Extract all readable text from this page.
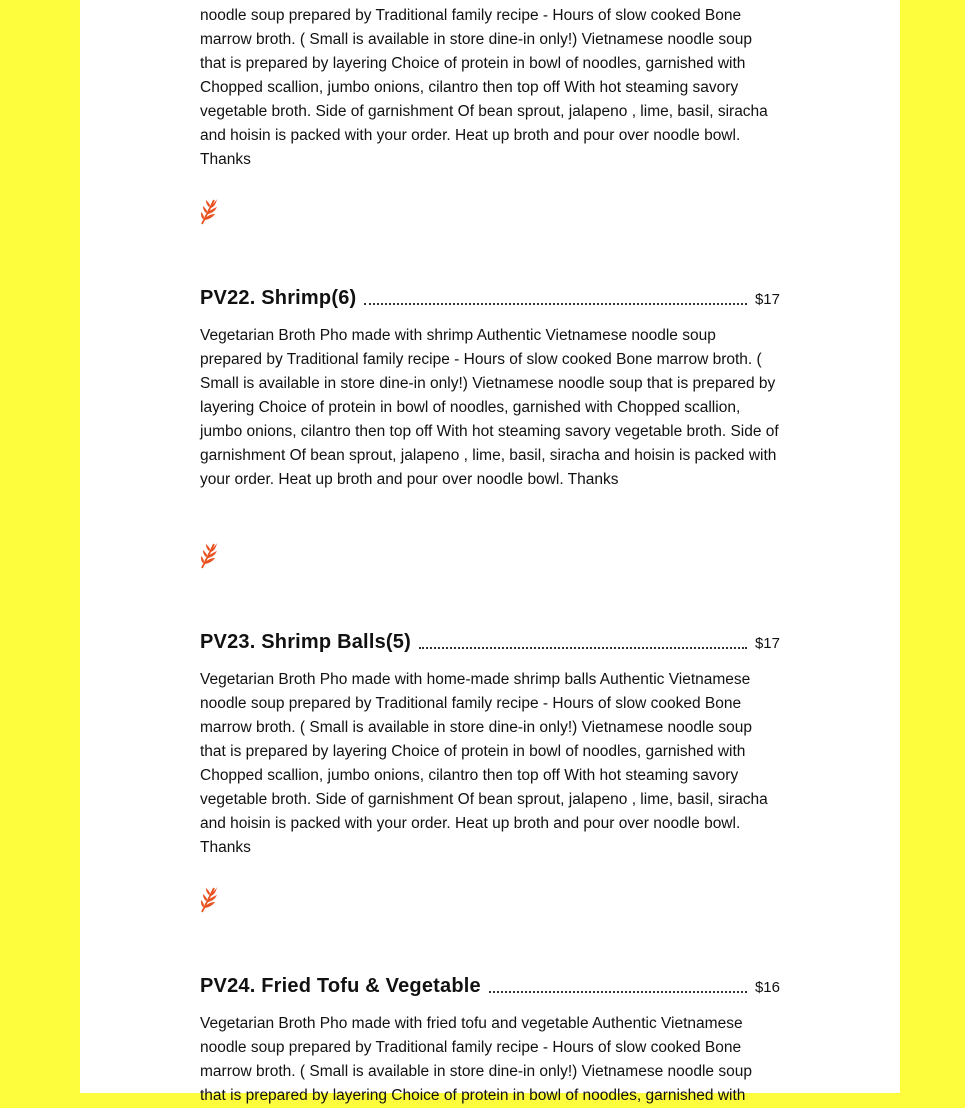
noodle soup prepared by Traditional family recipe - Hours of slow cooked Bone marrow broth. ( Small is available in store dine-in only!) Vietnamese noodle soup that is prepared by layering Choice of protein in bowl of noodles, garnished with Chopped scallion, jumbo onions, cilantro then top off With hot steaming savory vegetable broth. Side of garnishment Of bean sprout, jalapeno , lime, basil, siracha and hoisin is packed with your order. Heat up broth and pour over noodle bowl. Thanks

PV22. Shrimp(6)	$17

Vegetarian Broth Pho made with shrimp Authentic Vietnamese noodle soup prepared by Traditional family recipe - Hours of slow cooked Bone marrow broth. ( Small is available in store dine-in only!) Vietnamese noodle soup that is prepared by layering Choice of protein in bowl of noodles, garnished with Chopped scallion, jumbo onions, cilantro then top off With hot steaming savory vegetable broth. Side of garnishment Of bean sprout, jalapeno , lime, basil, siracha and hoisin is packed with your order. Heat up broth and pour over noodle bowl. Thanks

PV23. Shrimp Balls(5)	$17

Vegetarian Broth Pho made with home-made shrimp balls Authentic Vietnamese noodle soup prepared by Traditional family recipe - Hours of slow cooked Bone marrow broth. ( Small is available in store dine-in only!) Vietnamese noodle soup that is prepared by layering Choice of protein in bowl of noodles, garnished with Chopped scallion, jumbo onions, cilantro then top off With hot steaming savory vegetable broth. Side of garnishment Of bean sprout, jalapeno , lime, basil, siracha and hoisin is packed with your order. Heat up broth and pour over noodle bowl. Thanks

PV24. Fried Tofu & Vegetable	$16

Vegetarian Broth Pho made with fried tofu and vegetable Authentic Vietnamese noodle soup prepared by Traditional family recipe - Hours of slow cooked Bone marrow broth. ( Small is available in store dine-in only!) Vietnamese noodle soup that is prepared by layering Choice of protein in bowl of noodles, garnished with
